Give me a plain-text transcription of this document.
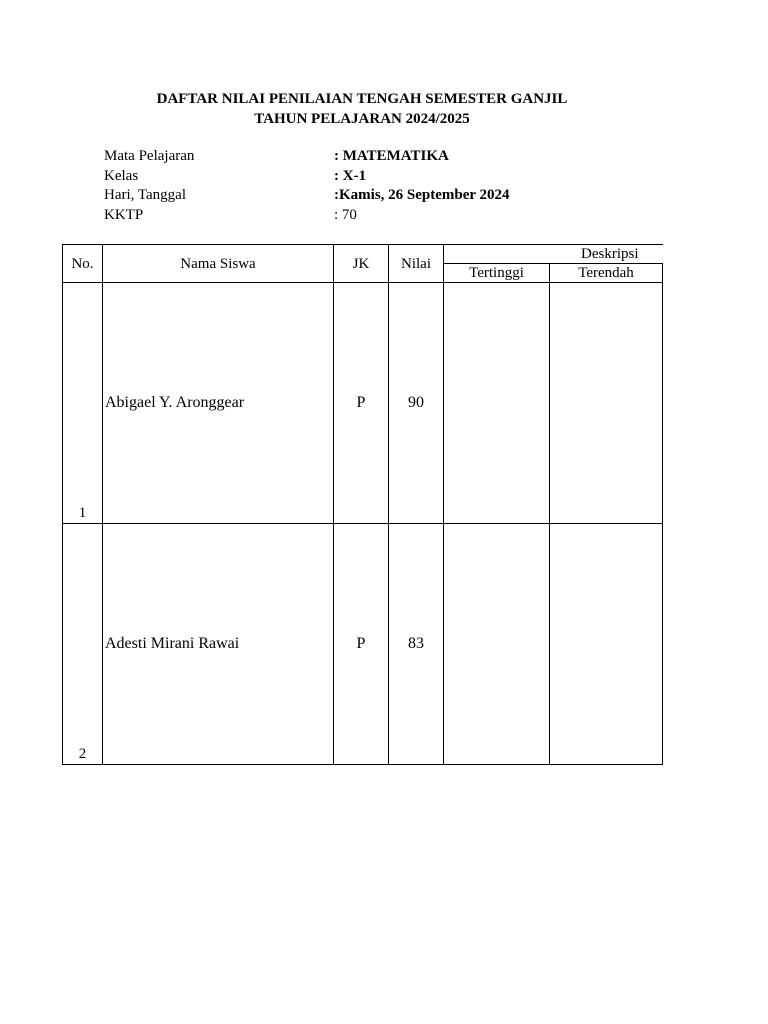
DAFTAR NILAI PENILAIAN TENGAH SEMESTER GANJIL
TAHUN PELAJARAN 2024/2025
Mata Pelajaran	: MATEMATIKA
Kelas	: X-1
Hari, Tanggal	:Kamis, 26 September 2024
KKTP	: 70
No.	Nama Siswa	JK	Nilai	Deskripsi	

				Tertinggi	Terendah
1	Abigael Y. Aronggear	P	90		
2	Adesti Mirani Rawai	P	83		
